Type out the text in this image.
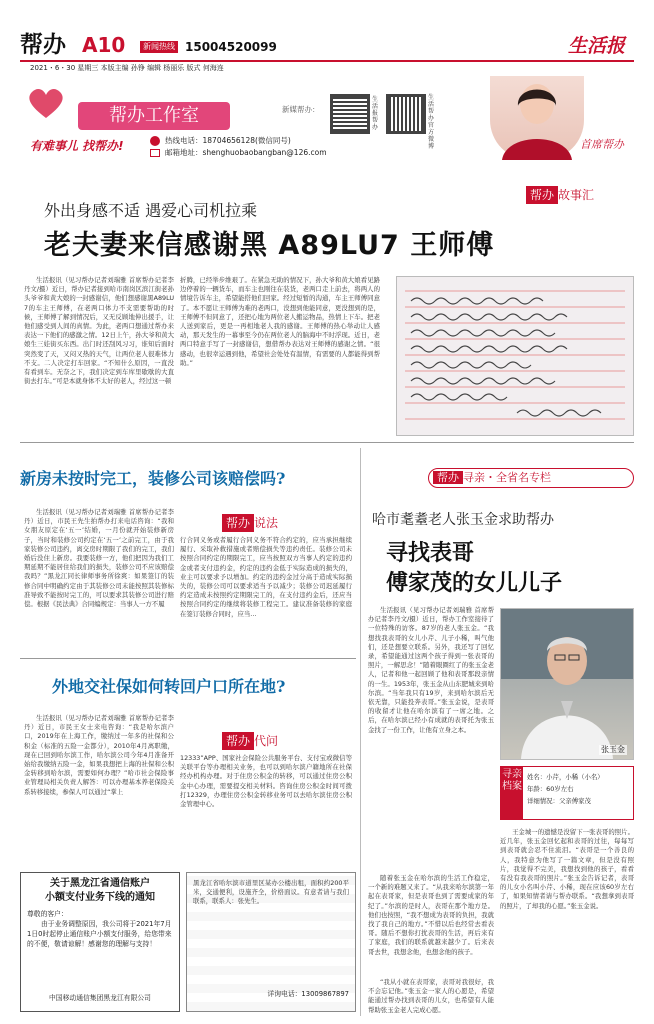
帮办 A10	新闻热线 15004520099	生活报
2021・6・30 星期三 本版主编 孙铮 编辑 杨丽乐 版式 何海连
帮办工作室
有难事儿 找帮办!	热线电话：18704656128(微信同号)
邮箱地址：shenghuobaobangban@126.com
新媒帮办：
生活报帮办
生活帮办官方微博	首席帮办
帮办 故事汇
外出身感不适 遇爱心司机拉乘
老夫妻来信感谢黑 A89LU7 王师傅
生活报讯（见习帮办记者刘瑞雅 首席帮办记者李丹文/摄）近日，帮办记者接到哈市南岗区滨江街老孙头爷爷和黄大娘的一封感谢信，他们想感谢黑A89LU7的车主王师傅，在老两口体力不支需要帮助的时候，王师傅了解到情况后，又无反顾地伸出援手，让他们感受到人间的真情。为此，老两口想通过帮办来表达一下他们的感激之情。12日上午，孙大爷和黄大娘生三娃街买东西。出门时还刮风习习，谁知后面时突然变了天，又闷又热的天气，让两位老人很难体力不支。二人决定打车回家。“不知什么原因，一直没有看到车。无奈之下，我们决定到车库里歇歇的大直街去打车。”可是本就身体不太好的老人，经过这一顿
折腾，已经举步维艰了。在紧急无助的情况下，孙大爷和黄大娘看见路边停着的一辆货车，而车主也刚往在装货，老两口走上前去，将两人的情境告诉车主，希望能搭他们回家。经过短暂的沟通，车主王师傅同意了。本不愿让王师傅为难的老两口，没想到他能同意，更没想到的是，王师傅不但同意了，还把心地为两位老人搬运物品，热情上下车。把老人送到家后，更是一再相地老人我的感谢。王师傅的热心举动让人感动，那天发生的一幕事至今仍在两位老人的脑海中不时浮现。近日，老两口特意手写了一封感谢信，想借帮办表达对王师傅的感谢之情。“很感动，也很幸运遇到他，希望社会处处有温情，有需要的人都能得到帮助。”
新房未按时完工，装修公司该赔偿吗?
帮办 说法
生活报讯（见习帮办记者刘瑞雅 首席帮办记者李丹）近日，市民王先生拍帮办打来电话咨询：“我和女朋友原定在‘五一’结婚，一月份就开始装修新房子，当时和装修公司约定在‘五一’之前完工，由于我家装修公司违约，离交房时期限了我们的完工，我们婚后没住上新房。我要装修一方，他们把因为我们工期延期不能居住给我们的损失，装修公司不应该赔偿我吗？”黑龙江同长律师事务所徐爽：如果签订的装修合同中明确约定由于其装修公司未能按照其装修标准导致不能按时完工的，可以要求其装修公司进行赔偿。根据《民法典》合同编规定：当事人一方不履
行合同义务或者履行合同义务不符合约定的，应当承担继续履行、采取补救措施或者赔偿损失等违约责任。装修公司未按照合同约定的期限完工，应当按照双方当事人约定的违约金或者支付违约金，约定的违约金低于实际造成的损失的，业主可以要求予以增加。约定的违约金过分高于造成实际损失的，装修公司可以要求适当予以减少；装修公司迟延履行约定造成未按照约定期限完工的，在支付违约金后，还应当按照合同约定的继续将装修工程完工。建议准备装修的家庭在签订装修合同时，应当...
外地交社保如何转回户口所在地?
帮办 代问
生活报讯（见习帮办记者刘瑞雅 首席帮办记者李丹）近日，市民王女士来电咨询：“我是哈尔滨户口，2019年在上海工作，缴纳过一年多的社保和公积金（标准的五险一金都分），2010年4月离职缴，现在已回到哈尔滨工作，哈尔滨公司今年4月准备开始给我缴纳五险一金，如果我想把上海的社保和公积金转移到哈尔滨，需要如何办理？”哈市社会保险事业管理局相关负责人解答：可以办理基本养老保险关系转移接续，参保人可以通过“掌上
12333”APP、国家社会保险公共服务平台、支付宝或微信等关联平台等办理相关业务，也可以到哈尔滨户籍地所在社保经办机构办理。对于住房公积金的转移，可以通过住房公积金中心办理，需要提交相关材料。咨询住房公积金时间可拨打12329，办理住房公积金转移业务可以去哈尔滨住房公积金管理中心。
关于黑龙江省通信账户
小额支付业务下线的通知
尊敬的客户：
由于业务调整原因，我公司将于2021年7月1日0时起停止通信账户小额支付服务，给您带来的不便，敬请谅解！感谢您的理解与支持！
中国移动通信集团黑龙江有限公司
黑龙江省哈尔滨市道里区某办公楼出租，面积约200平米，交通便利，设施齐全，价格面议。有意者请与我们联系，联系人：张先生。
详询电话：13009867897
帮办 寻亲・全省名专栏
哈市耄耋老人张玉金求助帮办
寻找表哥
傅家茂的女儿儿子
生活报讯（见习帮办记者刘瑞雅 首席帮办记者李丹文/摄）近日，帮办工作室接待了一位特殊的访客。87岁的老人张玉金。“我想找我表哥的女儿小芹、儿子小稀，叫气他们，还是想要立联系。另外，我还写了回忆录，希望能通过这两个孩子得到一张表哥的照片，一解思念！”随着眼圈红了的张玉金老人，记者和他一起回顾了他和表哥那段亲情的一生。1953年，张玉金从山东肥城来到哈尔滨。“当年我只有19岁，来到哈尔滨后无依无靠，只能投奔表哥。”张玉金说，是表哥的收留才让他在哈尔滨有了一席之地。之后，在哈尔滨已经小有成就的表哥托为张玉金找了一份工作，让他有立身之本。
张玉金
寻亲
档案
姓名：小芹，小稀（小名）
年龄：60岁左右
详细情况：父亲傅家茂
王金城一的遗憾是没留下一张表哥的照片。近几年，张玉金回忆起和表哥的过往，每每写到表哥就会忍不住流泪。“表哥是一个善良的人，我特意为他写了一篇文章，但是没有照片，我觉得不完美，我想找到他的孩子，看看有没有我表哥的照片。”张玉金告诉记者，表哥的儿女小名叫小芹、小稀，现在应该60岁左右了，如果知情者请与帮办联系。“我想拿到表哥的照片，了却我的心愿。”张玉金说。
随着张玉金在哈尔滨的生活工作稳定，一个新的难题又来了。“从我来哈尔滨第一年起在表哥家，但是表哥也到了需要成家的年纪了。”尔滨的是时人，表哥在那个地方是。他们也按照，“我不想成为表哥的负担，我就找了我自己的地方。”不惜以后也经常去看表哥。随后不想你打扰表哥的生活，再后来有了家庭，我们的联系就越来越少了。后来表哥去世，我想念他，也想念他的孩子。
“我从小就在表哥家，表哥对我很好，我不会忘记他。”张玉金一家人的心愿是，希望能通过帮办找到表哥的儿女，也希望有人能帮助张玉金老人完成心愿。
